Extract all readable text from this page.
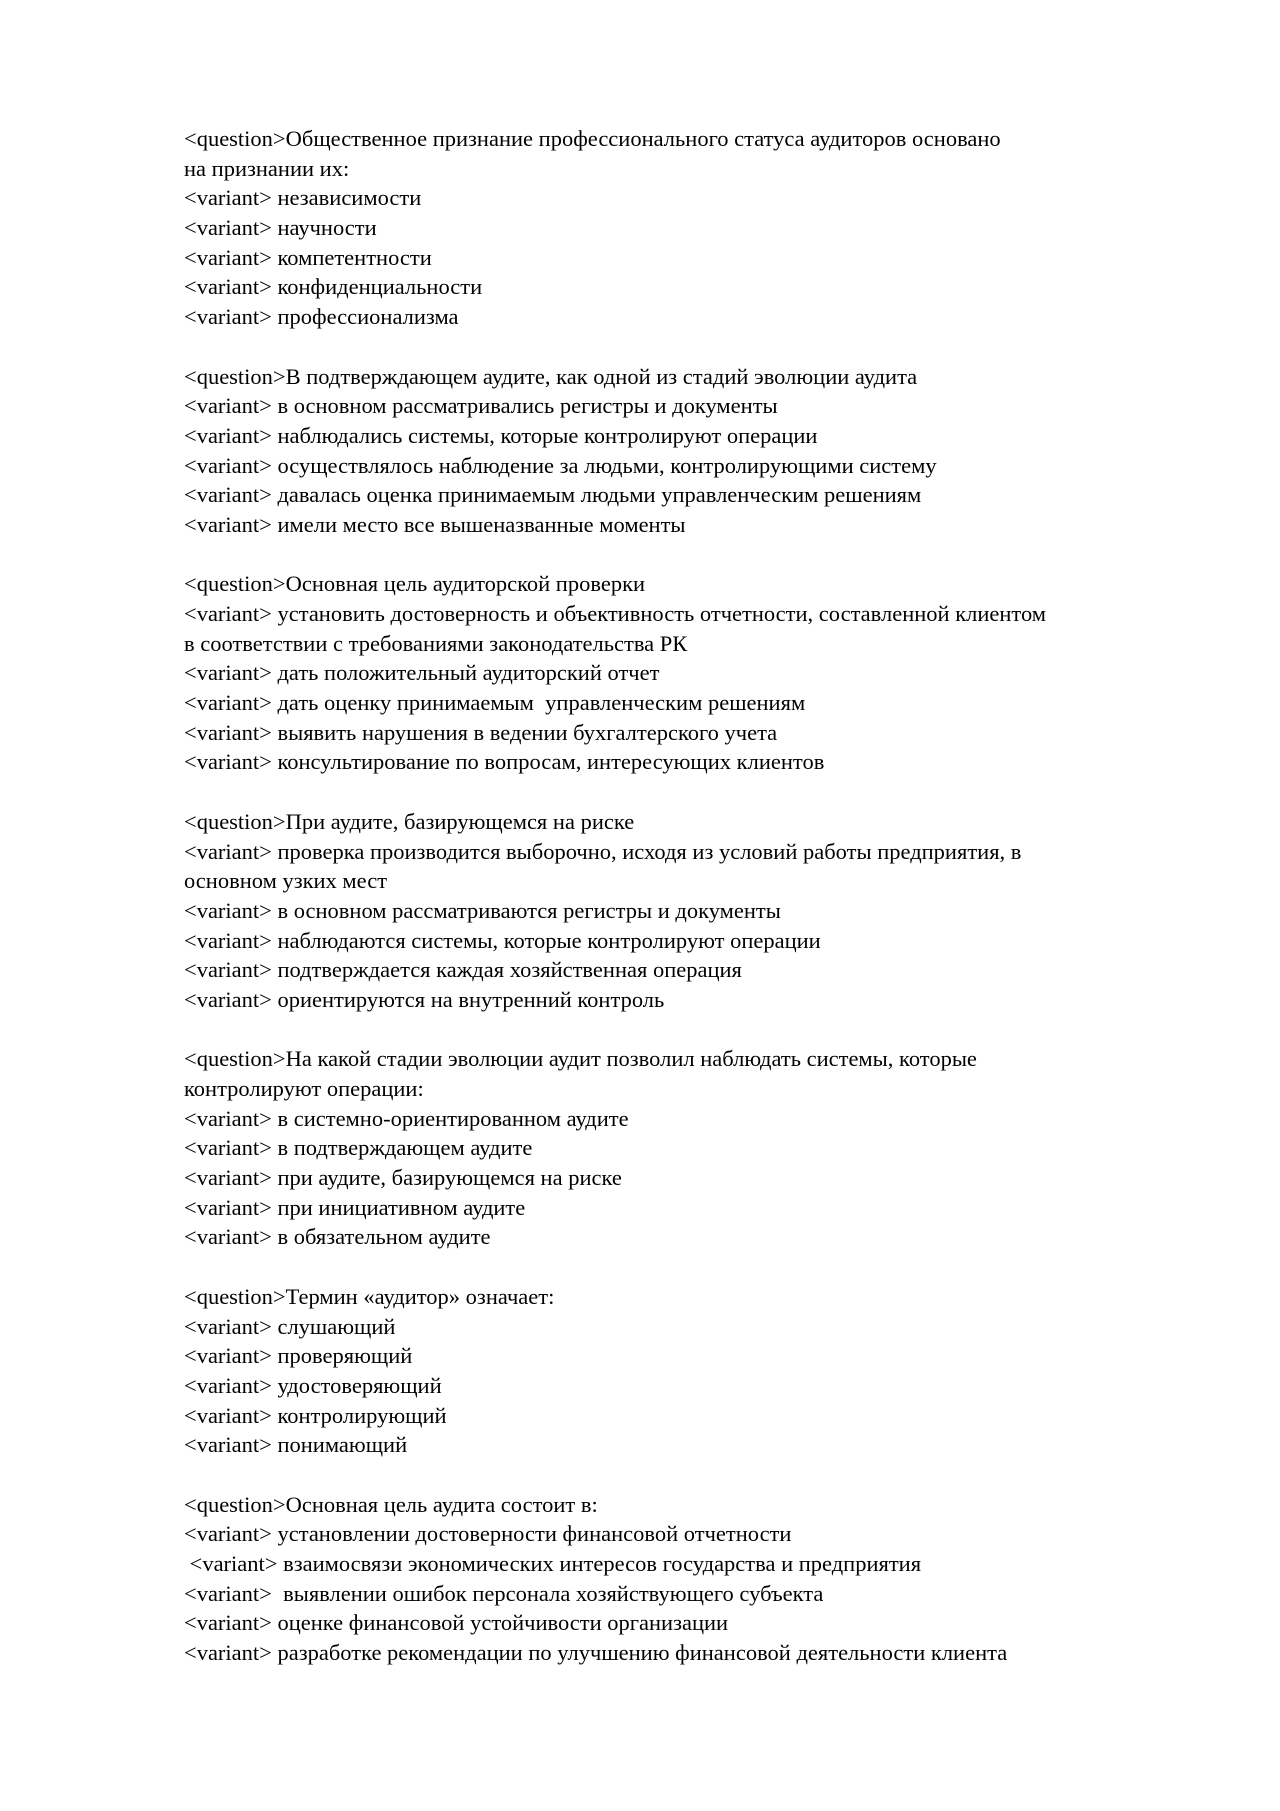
<question>Общественное признание профессионального статуса аудиторов основано
на признании их:
<variant> независимости
<variant> научности
<variant> компетентности
<variant> конфиденциальности
<variant> профессионализма
<question>В подтверждающем аудите, как одной из стадий эволюции аудита
<variant> в основном рассматривались регистры и документы
<variant> наблюдались системы, которые контролируют операции
<variant> осуществлялось наблюдение за людьми, контролирующими систему
<variant> давалась оценка принимаемым людьми управленческим решениям
<variant> имели место все вышеназванные моменты
<question>Основная цель аудиторской проверки
<variant> установить достоверность и объективность отчетности, составленной клиентом
в соответствии с требованиями законодательства РК
<variant> дать положительный аудиторский отчет
<variant> дать оценку принимаемым  управленческим решениям
<variant> выявить нарушения в ведении бухгалтерского учета
<variant> консультирование по вопросам, интересующих клиентов
<question>При аудите, базирующемся на риске
<variant> проверка производится выборочно, исходя из условий работы предприятия, в
основном узких мест
<variant> в основном рассматриваются регистры и документы
<variant> наблюдаются системы, которые контролируют операции
<variant> подтверждается каждая хозяйственная операция
<variant> ориентируются на внутренний контроль
<question>На какой стадии эволюции аудит позволил наблюдать системы, которые
контролируют операции:
<variant> в системно-ориентированном аудите
<variant> в подтверждающем аудите
<variant> при аудите, базирующемся на риске
<variant> при инициативном аудите
<variant> в обязательном аудите
<question>Термин «аудитор» означает:
<variant> слушающий
<variant> проверяющий
<variant> удостоверяющий
<variant> контролирующий
<variant> понимающий
<question>Основная цель аудита состоит в:
<variant> установлении достоверности финансовой отчетности
<variant> взаимосвязи экономических интересов государства и предприятия
<variant>  выявлении ошибок персонала хозяйствующего субъекта
<variant> оценке финансовой устойчивости организации
<variant> разработке рекомендации по улучшению финансовой деятельности клиента
